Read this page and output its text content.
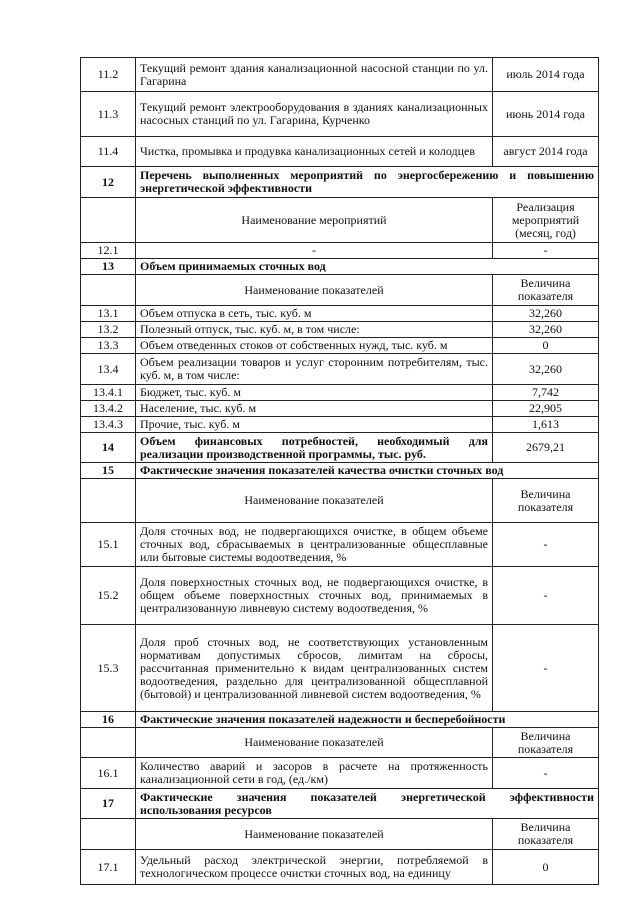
11.2	Текущий ремонт здания канализационной насосной станции по ул. Гагарина	июль 2014 года
11.3	Текущий ремонт электрооборудования в зданиях канализационных насосных станций по ул. Гагарина, Курченко	июнь 2014 года
11.4	Чистка, промывка и продувка канализационных сетей и колодцев	август 2014 года
12	Перечень выполненных мероприятий по энергосбережению и повышению энергетической эффективности	
	Наименование мероприятий	Реализация мероприятий (месяц, год)
12.1	-	-
13	Объем принимаемых сточных вод	
	Наименование показателей	Величина показателя
13.1	Объем отпуска в сеть, тыс. куб. м	32,260
13.2	Полезный отпуск, тыс. куб. м, в том числе:	32,260
13.3	Объем отведенных стоков от собственных нужд, тыс. куб. м	0
13.4	Объем реализации товаров и услуг сторонним потребителям, тыс. куб. м, в том числе:	32,260
13.4.1	Бюджет, тыс. куб. м	7,742
13.4.2	Население, тыс. куб. м	22,905
13.4.3	Прочие, тыс. куб. м	1,613
14	Объем финансовых потребностей, необходимый для реализации производственной программы, тыс. руб.	2679,21
15	Фактические значения показателей качества очистки сточных вод	
	Наименование показателей	Величина показателя
15.1	Доля сточных вод, не подвергающихся очистке, в общем объеме сточных вод, сбрасываемых в централизованные общесплавные или бытовые системы водоотведения, %	-
15.2	Доля поверхностных сточных вод, не подвергающихся очистке, в общем объеме поверхностных сточных вод, принимаемых в централизованную ливневую систему водоотведения, %	-
15.3	Доля проб сточных вод, не соответствующих установленным нормативам допустимых сбросов, лимитам на сбросы, рассчитанная применительно к видам централизованных систем водоотведения, раздельно для централизованной общесплавной (бытовой) и централизованной ливневой систем водоотведения, %	-
16	Фактические значения показателей надежности и бесперебойности	
	Наименование показателей	Величина показателя
16.1	Количество аварий и засоров в расчете на протяженность канализационной сети в год, (ед./км)	-
17	Фактические значения показателей энергетической эффективности использования ресурсов	
	Наименование показателей	Величина показателя
17.1	Удельный расход электрической энергии, потребляемой в технологическом процессе очистки сточных вод, на единицу	0
